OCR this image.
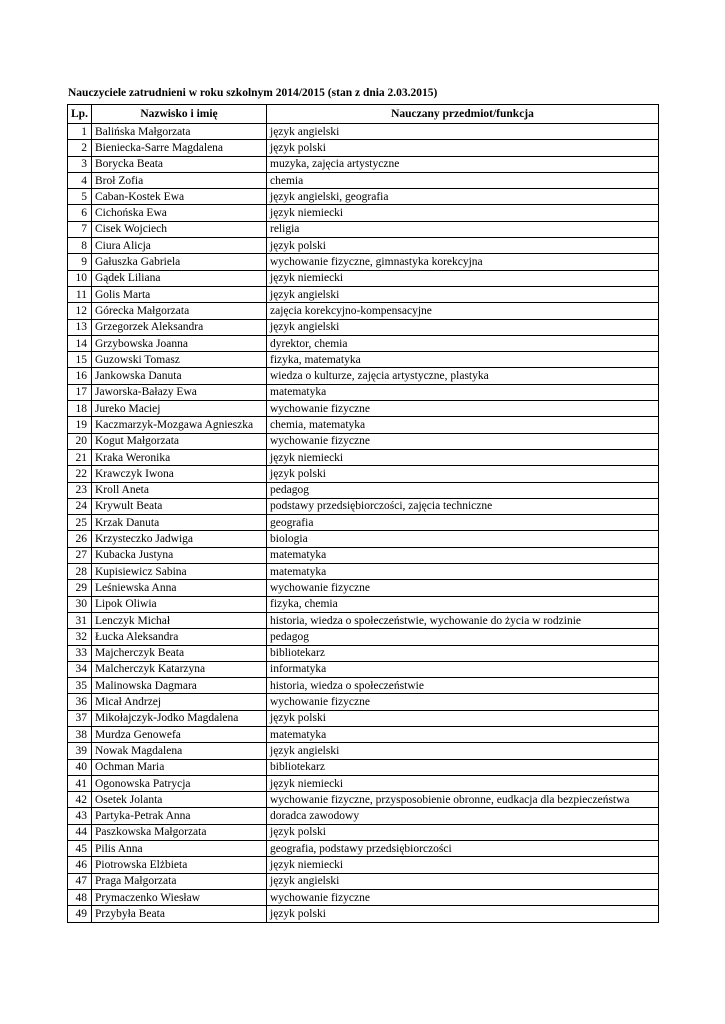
Nauczyciele zatrudnieni w roku szkolnym 2014/2015 (stan z dnia 2.03.2015)
Lp.	Nazwisko i imię	Nauczany przedmiot/funkcja
1	Balińska Małgorzata	język angielski
2	Bieniecka-Sarre Magdalena	język polski
3	Borycka Beata	muzyka, zajęcia artystyczne
4	Broł Zofia	chemia
5	Caban-Kostek Ewa	język angielski, geografia
6	Cichońska Ewa	język niemiecki
7	Cisek Wojciech	religia
8	Ciura Alicja	język polski
9	Gałuszka Gabriela	wychowanie fizyczne, gimnastyka korekcyjna
10	Gądek Liliana	język niemiecki
11	Golis Marta	język angielski
12	Górecka Małgorzata	zajęcia korekcyjno-kompensacyjne
13	Grzegorzek Aleksandra	język angielski
14	Grzybowska Joanna	dyrektor, chemia
15	Guzowski Tomasz	fizyka, matematyka
16	Jankowska Danuta	wiedza o kulturze, zajęcia artystyczne, plastyka
17	Jaworska-Bałazy Ewa	matematyka
18	Jureko Maciej	wychowanie fizyczne
19	Kaczmarzyk-Mozgawa Agnieszka	chemia, matematyka
20	Kogut Małgorzata	wychowanie fizyczne
21	Kraka Weronika	język niemiecki
22	Krawczyk Iwona	język polski
23	Kroll Aneta	pedagog
24	Krywult Beata	podstawy przedsiębiorczości, zajęcia techniczne
25	Krzak Danuta	geografia
26	Krzysteczko Jadwiga	biologia
27	Kubacka Justyna	matematyka
28	Kupisiewicz Sabina	matematyka
29	Leśniewska Anna	wychowanie fizyczne
30	Lipok Oliwia	fizyka, chemia
31	Lenczyk Michał	historia, wiedza o społeczeństwie, wychowanie do życia w rodzinie
32	Łucka Aleksandra	pedagog
33	Majcherczyk Beata	bibliotekarz
34	Malcherczyk Katarzyna	informatyka
35	Malinowska Dagmara	historia, wiedza o społeczeństwie
36	Micał Andrzej	wychowanie fizyczne
37	Mikołajczyk-Jodko Magdalena	język polski
38	Murdza Genowefa	matematyka
39	Nowak Magdalena	język angielski
40	Ochman Maria	bibliotekarz
41	Ogonowska Patrycja	język niemiecki
42	Osetek Jolanta	wychowanie fizyczne, przysposobienie obronne, eudkacja dla bezpieczeństwa
43	Partyka-Petrak Anna	doradca zawodowy
44	Paszkowska Małgorzata	język polski
45	Pilis Anna	geografia, podstawy przedsiębiorczości
46	Piotrowska Elżbieta	język niemiecki
47	Praga Małgorzata	język angielski
48	Prymaczenko Wiesław	wychowanie fizyczne
49	Przybyła Beata	język polski
